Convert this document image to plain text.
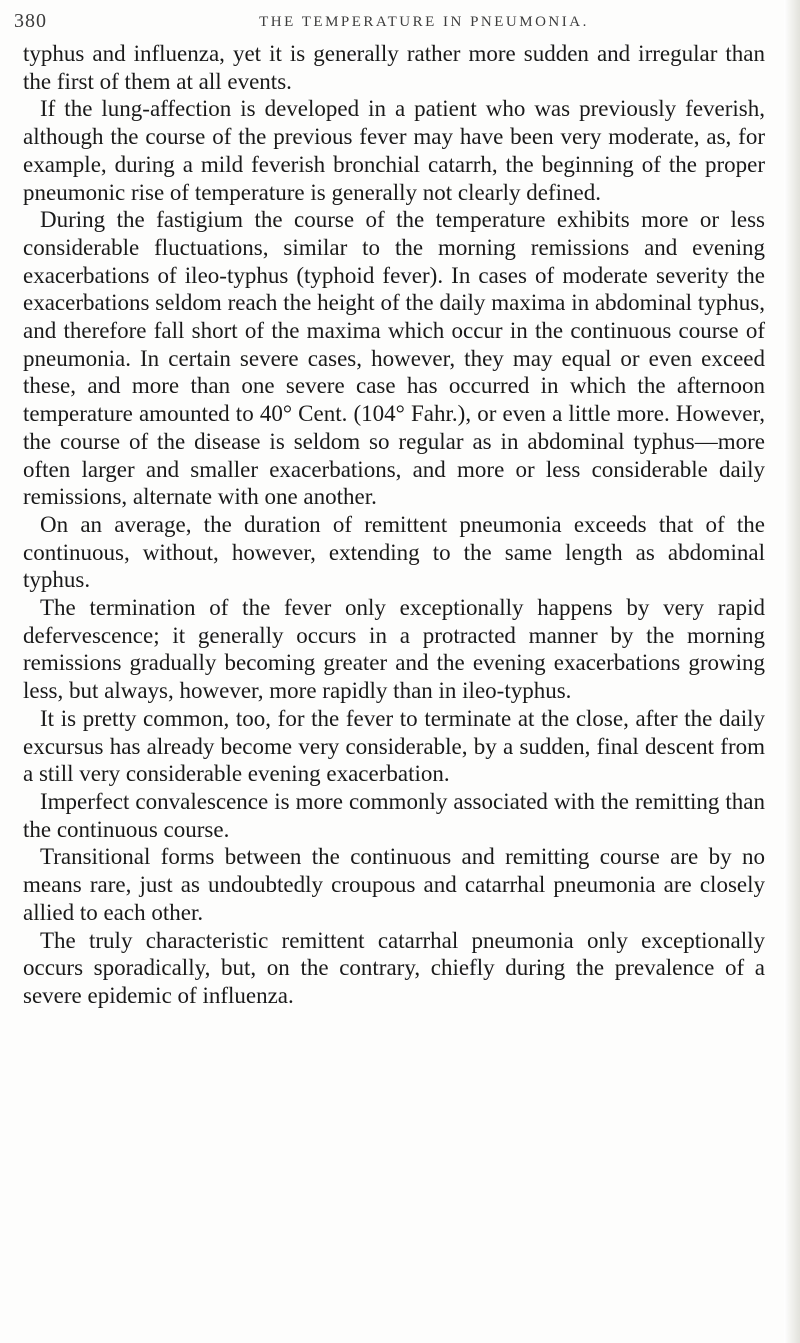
380	THE TEMPERATURE IN PNEUMONIA.

typhus and influenza, yet it is generally rather more sudden and irregular than the first of them at all events.

If the lung-affection is developed in a patient who was previously feverish, although the course of the previous fever may have been very moderate, as, for example, during a mild feverish bronchial catarrh, the beginning of the proper pneumonic rise of temperature is generally not clearly defined.

During the fastigium the course of the temperature exhibits more or less considerable fluctuations, similar to the morning remissions and evening exacerbations of ileo-typhus (typhoid fever). In cases of moderate severity the exacerbations seldom reach the height of the daily maxima in abdominal typhus, and therefore fall short of the maxima which occur in the continuous course of pneumonia. In certain severe cases, however, they may equal or even exceed these, and more than one severe case has occurred in which the afternoon temperature amounted to 40° Cent. (104° Fahr.), or even a little more. However, the course of the disease is seldom so regular as in abdominal typhus—more often larger and smaller exacerbations, and more or less considerable daily remissions, alternate with one another.

On an average, the duration of remittent pneumonia exceeds that of the continuous, without, however, extending to the same length as abdominal typhus.

The termination of the fever only exceptionally happens by very rapid defervescence; it generally occurs in a protracted manner by the morning remissions gradually becoming greater and the evening exacerbations growing less, but always, however, more rapidly than in ileo-typhus.

It is pretty common, too, for the fever to terminate at the close, after the daily excursus has already become very considerable, by a sudden, final descent from a still very considerable evening exacerbation.

Imperfect convalescence is more commonly associated with the remitting than the continuous course.

Transitional forms between the continuous and remitting course are by no means rare, just as undoubtedly croupous and catarrhal pneumonia are closely allied to each other.

The truly characteristic remittent catarrhal pneumonia only exceptionally occurs sporadically, but, on the contrary, chiefly during the prevalence of a severe epidemic of influenza.
